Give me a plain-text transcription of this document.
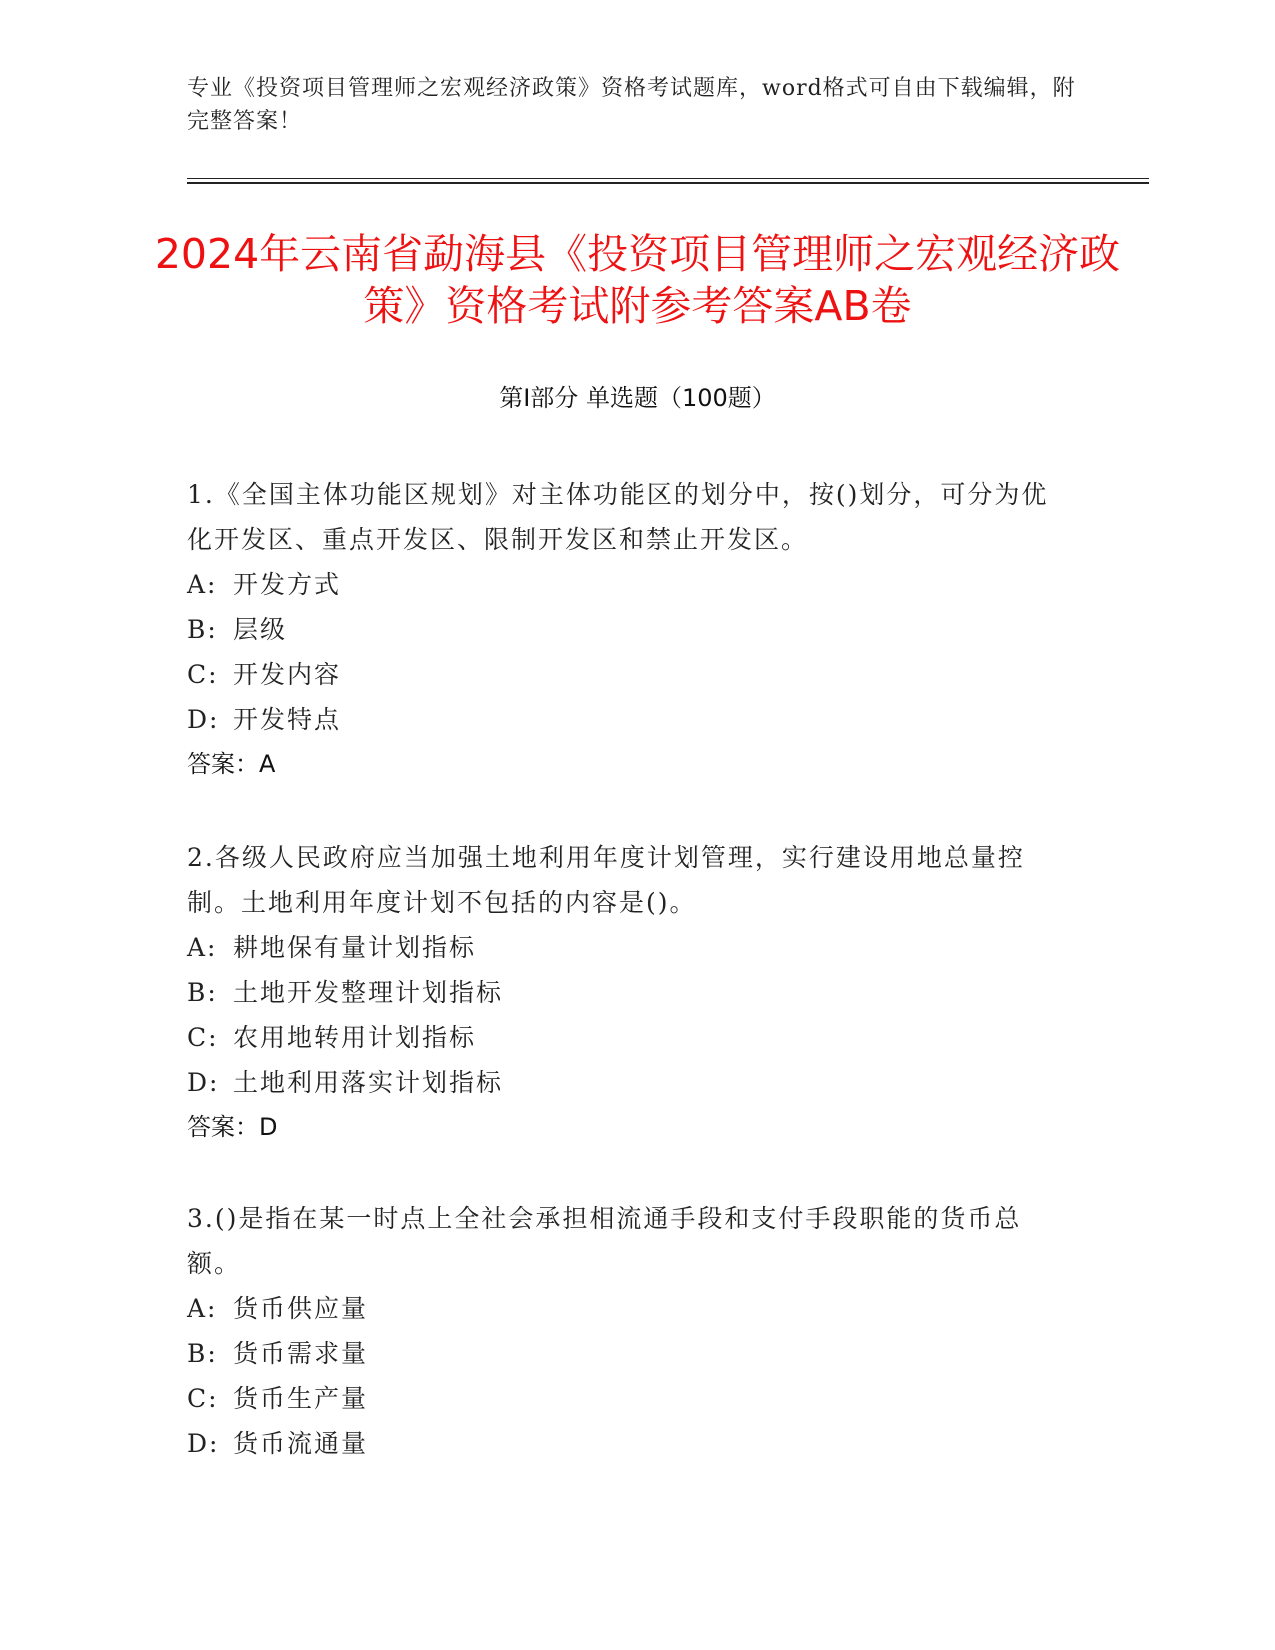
专业《投资项目管理师之宏观经济政策》资格考试题库，word格式可自由下载编辑，附完整答案！
2024年云南省勐海县《投资项目管理师之宏观经济政策》资格考试附参考答案AB卷
第Ⅰ部分 单选题（100题）

1.《全国主体功能区规划》对主体功能区的划分中，按()划分，可分为优化开发区、重点开发区、限制开发区和禁止开发区。

A: 开发方式

B: 层级

C: 开发内容

D: 开发特点

答案：A

2.各级人民政府应当加强土地利用年度计划管理，实行建设用地总量控制。土地利用年度计划不包括的内容是()。

A: 耕地保有量计划指标

B: 土地开发整理计划指标

C: 农用地转用计划指标

D: 土地利用落实计划指标

答案：D

3.()是指在某一时点上全社会承担相流通手段和支付手段职能的货币总额。

A: 货币供应量

B: 货币需求量

C: 货币生产量

D: 货币流通量
